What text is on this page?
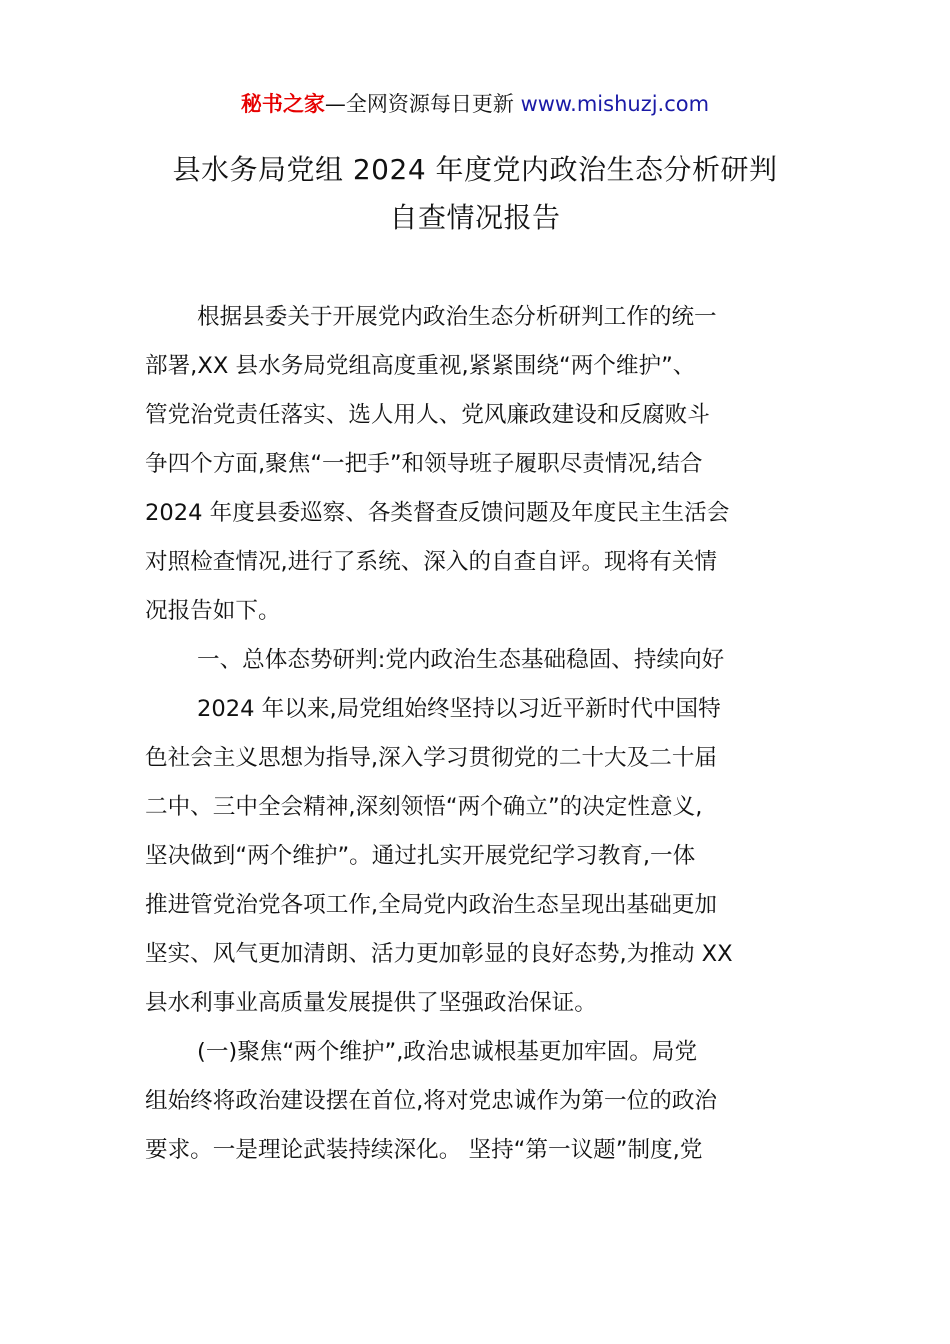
秘书之家—全网资源每日更新 www.mishuzj.com
县水务局党组 2024 年度党内政治生态分析研判
自查情况报告
根据县委关于开展党内政治生态分析研判工作的统一
部署,XX 县水务局党组高度重视,紧紧围绕“两个维护”、
管党治党责任落实、选人用人、党风廉政建设和反腐败斗
争四个方面,聚焦“一把手”和领导班子履职尽责情况,结合
2024 年度县委巡察、各类督查反馈问题及年度民主生活会
对照检查情况,进行了系统、深入的自查自评。现将有关情
况报告如下。
一、总体态势研判:党内政治生态基础稳固、持续向好
2024 年以来,局党组始终坚持以习近平新时代中国特
色社会主义思想为指导,深入学习贯彻党的二十大及二十届
二中、三中全会精神,深刻领悟“两个确立”的决定性意义,
坚决做到“两个维护”。通过扎实开展党纪学习教育,一体
推进管党治党各项工作,全局党内政治生态呈现出基础更加
坚实、风气更加清朗、活力更加彰显的良好态势,为推动 XX
县水利事业高质量发展提供了坚强政治保证。
(一)聚焦“两个维护”,政治忠诚根基更加牢固。局党
组始终将政治建设摆在首位,将对党忠诚作为第一位的政治
要求。一是理论武装持续深化。 坚持“第一议题”制度,党
